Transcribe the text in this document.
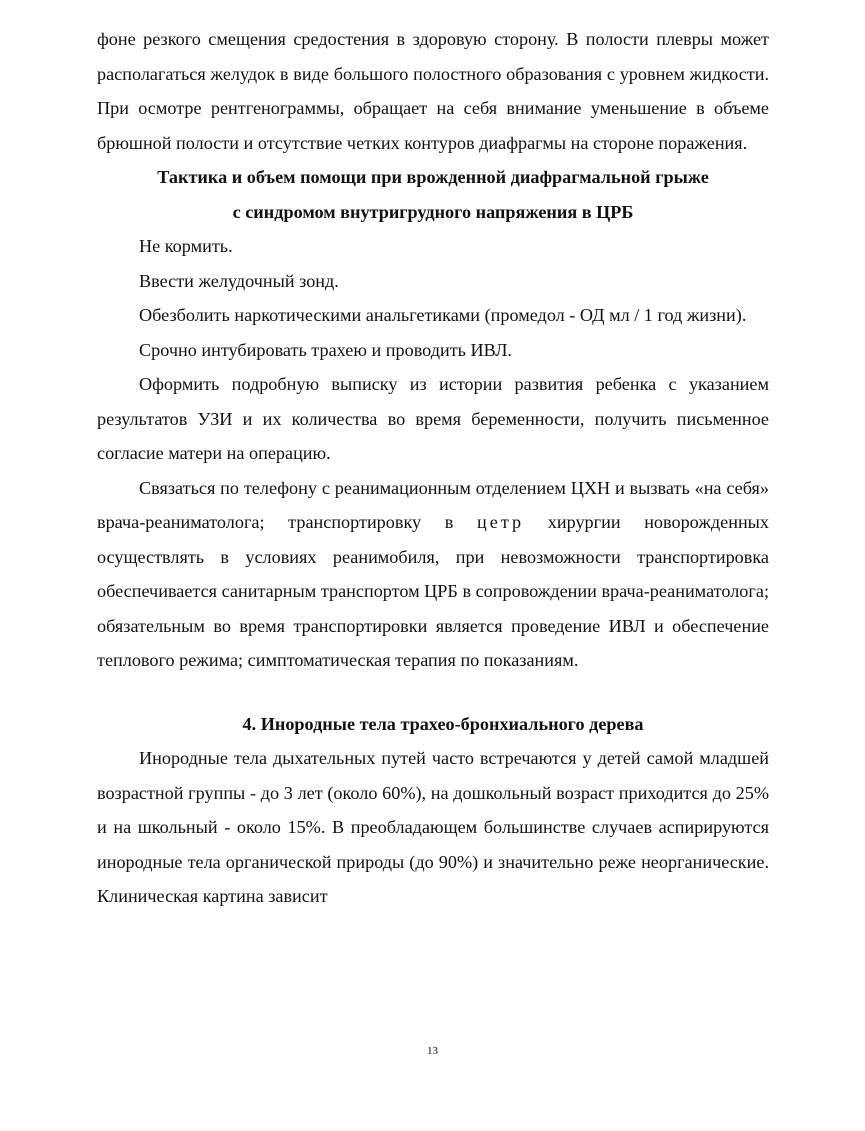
фоне резкого смещения средостения в здоровую сторону. В полости плевры может располагаться желудок в виде большого полостного образования с уровнем жидкости. При осмотре рентгенограммы, обращает на себя внимание уменьшение в объеме брюшной полости и отсутствие четких контуров диафрагмы на стороне поражения.

Тактика и объем помощи при врожденной диафрагмальной грыже

с синдромом внутригрудного напряжения в ЦРБ

Не кормить.

Ввести желудочный зонд.

Обезболить наркотическими анальгетиками (промедол - ОД мл / 1 год жизни).

Срочно интубировать трахею и проводить ИВЛ.

Оформить подробную выписку из истории развития ребенка с указанием результатов УЗИ и их количества во время беременности, получить письменное согласие матери на операцию.

Связаться по телефону с реанимационным отделением ЦХН и вызвать «на себя» врача-реаниматолога; транспортировку в цетр хирургии новорожденных осуществлять в условиях реанимобиля, при невозможности транспортировка обеспечивается санитарным транспортом ЦРБ в сопровождении врача-реаниматолога; обязательным во время транспортировки является проведение ИВЛ и обеспечение теплового режима; симптоматическая терапия по показаниям.

4. Инородные тела трахео-бронхиального дерева

Инородные тела дыхательных путей часто встречаются у детей самой младшей возрастной группы - до 3 лет (около 60%), на дошкольный возраст приходится до 25% и на школьный - около 15%. В преобладающем большинстве случаев аспирируются инородные тела органической природы (до 90%) и значительно реже неорганические. Клиническая картина зависит

13
